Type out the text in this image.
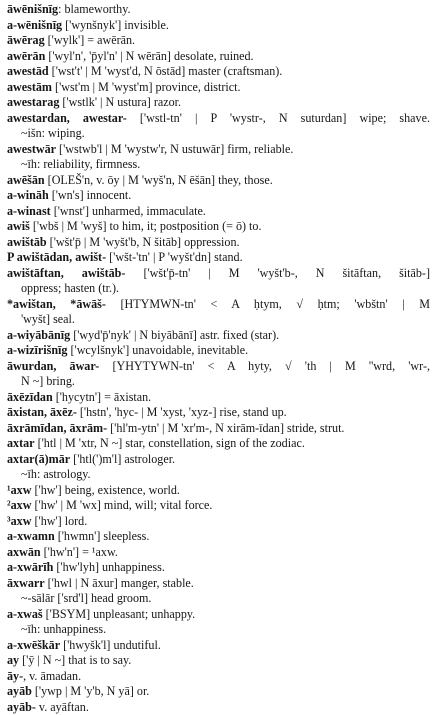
āwēnišnīg: blameworthy.
a-wēnišnīg ['wynšnyk'] invisible.
āwērag ['wylk'] = awērān.
awērān ['wyl'n', 'p̄yl'n' | N wērān] desolate, ruined.
awestād ['wst't' | M 'wyst'd, N ōstād] master (craftsman).
awestām ['wst'm | M 'wyst'm] province, district.
awestarag ['wstlk' | N ustura] razor.
awestardan, awestar- ['wstl-tn' | P 'wystr-, N suturdan] wipe; shave.
~išn: wiping.
awestwār ['wstwb'l | M 'wystw'r, N ustuwār] firm, reliable.
~īh: reliability, firmness.
awēšān [OLEŠ'n, v. ōy | M 'wyš'n, N ēšān] they, those.
a-wināh ['wn's] innocent.
a-winast ['wnst'] unharmed, immaculate.
awiš ['wbš | M 'wyš] to him, it; postposition (= ō) to.
awištāb ['wšt'p̄ | M 'wyšt'b, N šitāb] oppression.
P awištādan, awišt- ['wšt-'tn' | P 'wyšt'dn] stand.
awištāftan, awištāb- ['wšt'p̄-tn' | M 'wyšt'b-, N šitāftan, šitāb-]
oppress; hasten (tr.).
*awištan, *āwāš- [HTYMWN-tn' < A ḥtym, √ ḥtm; 'wbštn' | M
'wyšt] seal.
a-wiyābānīg ['wyd'p̄'nyk' | N biyābānī] astr. fixed (star).
a-wizīrišnīg ['wcylšnyk'] unavoidable, inevitable.
āwurdan, āwar- [YHYTYWN-tn' < A hyty, √ 'th | M ''wrd, 'wr-,
N ~] bring.
āxēzīdan ['hycytn'] = āxistan.
āxistan, āxēz- ['hstn', 'hyc- | M 'xyst, 'xyz-] rise, stand up.
āxrāmīdan, āxrām- ['hl'm-ytn' | M 'xr'm-, N xirām-īdan] stride, strut.
axtar ['htl | M 'xtr, N ~] star, constellation, sign of the zodiac.
axtar(ā)mār ['htl(')m'l] astrologer.
~īh: astrology.
¹axw ['hw'] being, existence, world.
²axw ['hw' | M 'wx] mind, will; vital force.
³axw ['hw'] lord.
a-xwamn ['hwmn'] sleepless.
axwān ['hw'n'] = ¹axw.
a-xwārīh ['hw'lyh] unhappiness.
āxwarr ['hwl | N āxur] manger, stable.
~-sālār ['srd'l] head groom.
a-xwaš ['BSYM] unpleasant; unhappy.
~īh: unhappiness.
a-xwēškār ['hwyšk'l] undutiful.
ay ['ȳ | N ~] that is to say.
āy-, v. āmadan.
ayāb ['ywp | M 'y'b, N yā] or.
ayāb- v. ayāftan.
